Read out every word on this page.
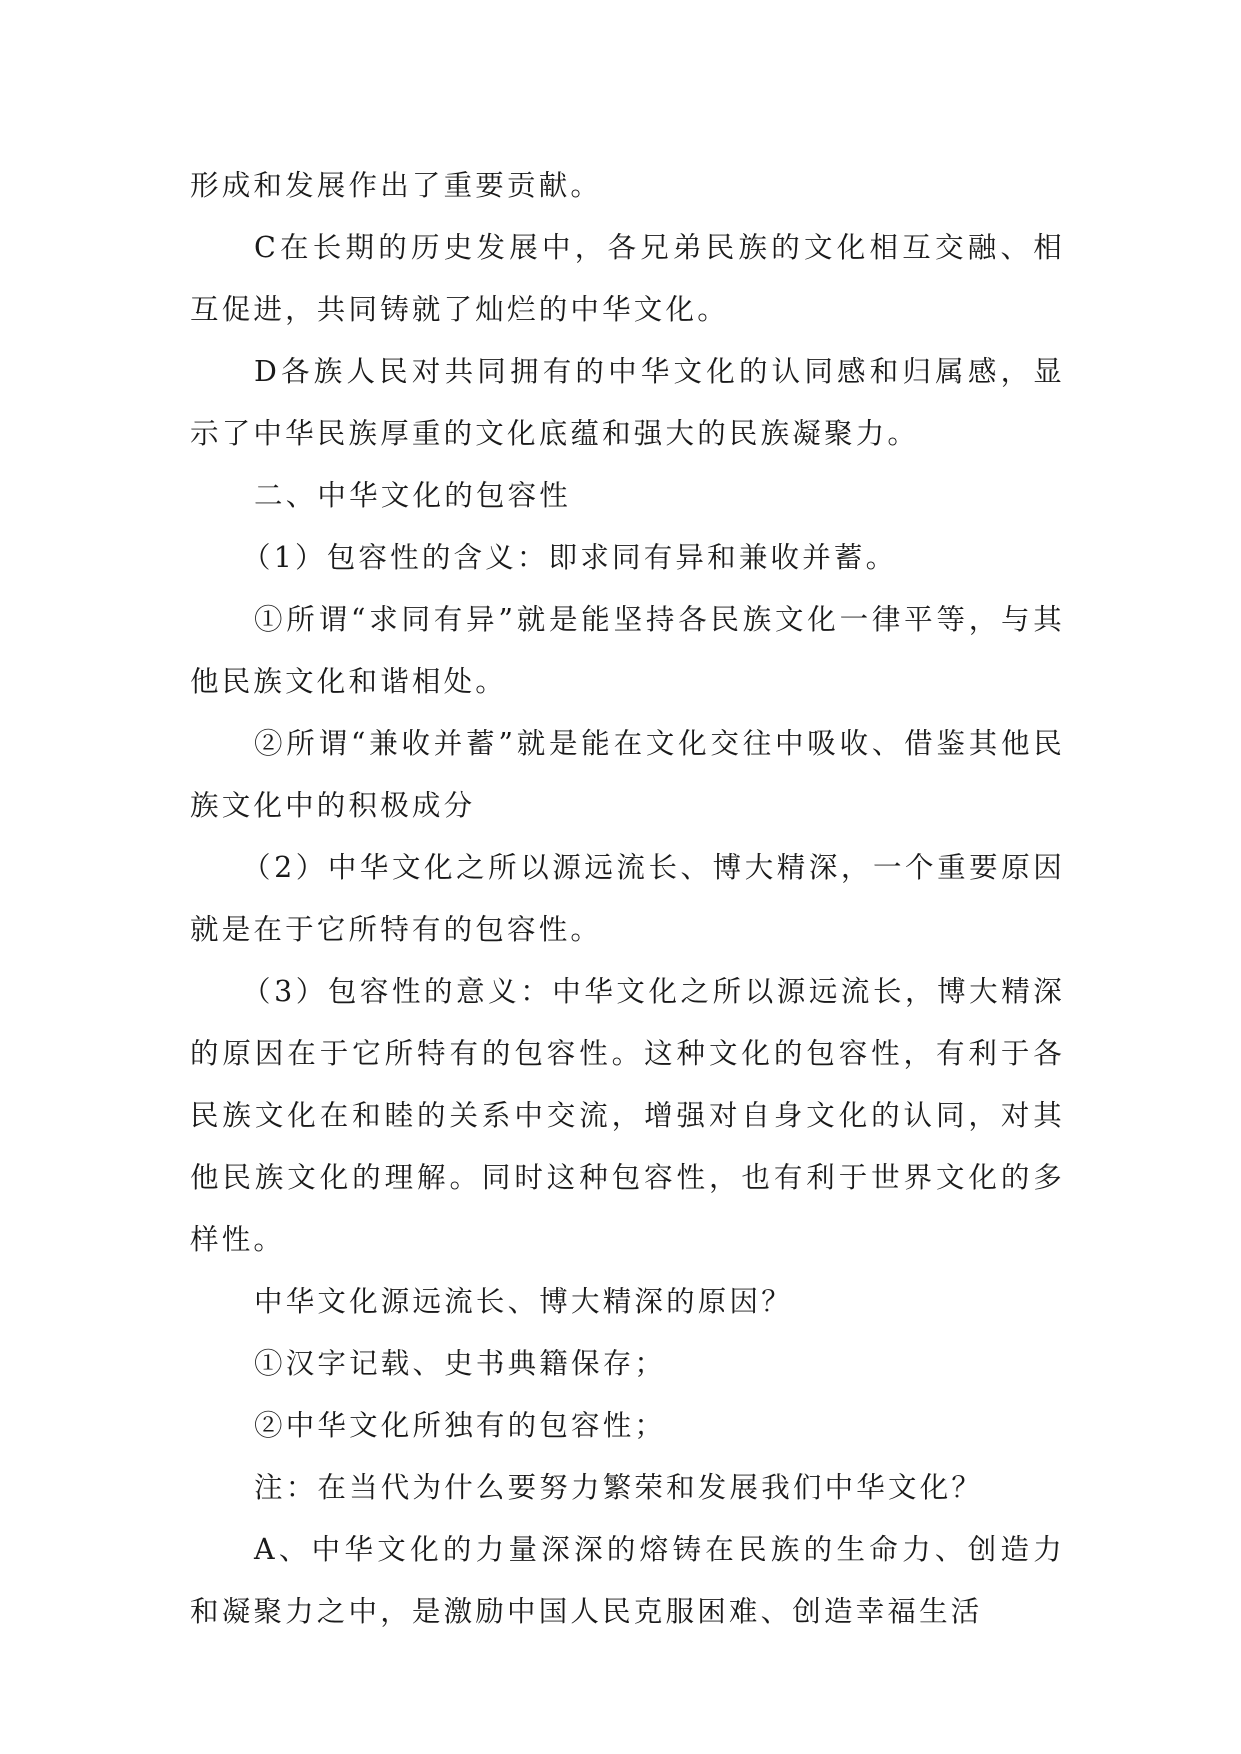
形成和发展作出了重要贡献。

C在长期的历史发展中，各兄弟民族的文化相互交融、相互促进，共同铸就了灿烂的中华文化。

D各族人民对共同拥有的中华文化的认同感和归属感，显示了中华民族厚重的文化底蕴和强大的民族凝聚力。

二、中华文化的包容性

（1）包容性的含义：即求同有异和兼收并蓄。

①所谓“求同有异”就是能坚持各民族文化一律平等，与其他民族文化和谐相处。

②所谓“兼收并蓄”就是能在文化交往中吸收、借鉴其他民族文化中的积极成分

（2）中华文化之所以源远流长、博大精深，一个重要原因就是在于它所特有的包容性。

（3）包容性的意义：中华文化之所以源远流长，博大精深的原因在于它所特有的包容性。这种文化的包容性，有利于各民族文化在和睦的关系中交流，增强对自身文化的认同，对其他民族文化的理解。同时这种包容性，也有利于世界文化的多样性。

中华文化源远流长、博大精深的原因？

①汉字记载、史书典籍保存；

②中华文化所独有的包容性；

注：在当代为什么要努力繁荣和发展我们中华文化？

A、中华文化的力量深深的熔铸在民族的生命力、创造力和凝聚力之中，是激励中国人民克服困难、创造幸福生活
